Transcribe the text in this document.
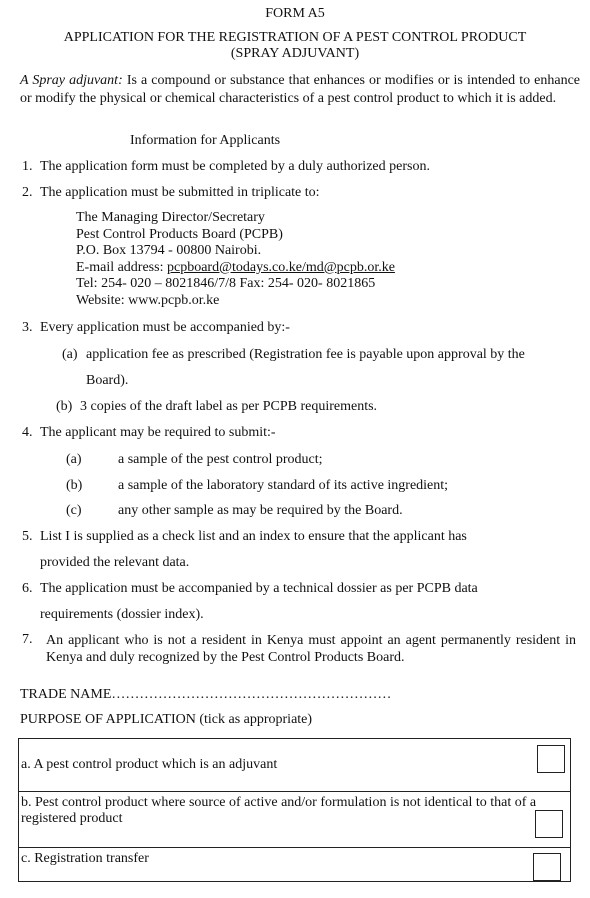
FORM A5
APPLICATION FOR THE REGISTRATION OF A PEST CONTROL PRODUCT
(SPRAY ADJUVANT)
A Spray adjuvant: Is a compound or substance that enhances or modifies or is intended to enhance or modify the physical or chemical characteristics of a pest control product to which it is added.
Information for Applicants
1. The application form must be completed by a duly authorized person.
2. The application must be submitted in triplicate to:
The Managing Director/Secretary
Pest Control Products Board (PCPB)
P.O. Box 13794 - 00800 Nairobi.
E-mail address: pcpboard@todays.co.ke/md@pcpb.or.ke
Tel: 254- 020 – 8021846/7/8 Fax: 254- 020- 8021865
Website: www.pcpb.or.ke
3. Every application must be accompanied by:-
(a) application fee as prescribed (Registration fee is payable upon approval by the
Board).
(b) 3 copies of the draft label as per PCPB requirements.
4. The applicant may be required to submit:-
(a)	a sample of the pest control product;
(b)	a sample of the laboratory standard of its active ingredient;
(c)	any other sample as may be required by the Board.
5. List I is supplied as a check list and an index to ensure that the applicant has
provided the relevant data.
6. The application must be accompanied by a technical dossier as per PCPB data
requirements (dossier index).
7. An applicant who is not a resident in Kenya must appoint an agent permanently resident in Kenya and duly recognized by the Pest Control Products Board.
TRADE NAME……………………………………………………
PURPOSE OF APPLICATION (tick as appropriate)
a. A pest control product which is an adjuvant

b. Pest control product where source of active and/or formulation is not identical to that of a registered product

c. Registration transfer
